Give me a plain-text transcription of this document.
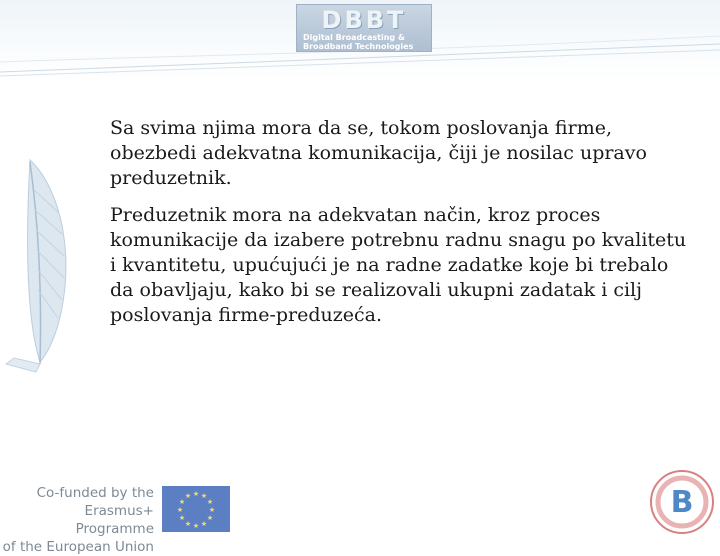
DBBT
Digital Broadcasting &
Broadband Technologies

Sa svima njima mora da se, tokom poslovanja firme, obezbedi adekvatna komunikacija, čiji je nosilac upravo preduzetnik.

Preduzetnik mora na adekvatan način, kroz proces komunikacije da izabere potrebnu radnu snagu po kvalitetu i kvantitetu, upućujući je na radne zadatke koje bi trebalo da obavljaju, kako bi se realizovali ukupni zadatak i cilj poslovanja firme-preduzeća.

Co-funded by the
Erasmus+ Programme
of the European Union
★ ★
★
★
★
★
★
★
★
★
★
★	B
